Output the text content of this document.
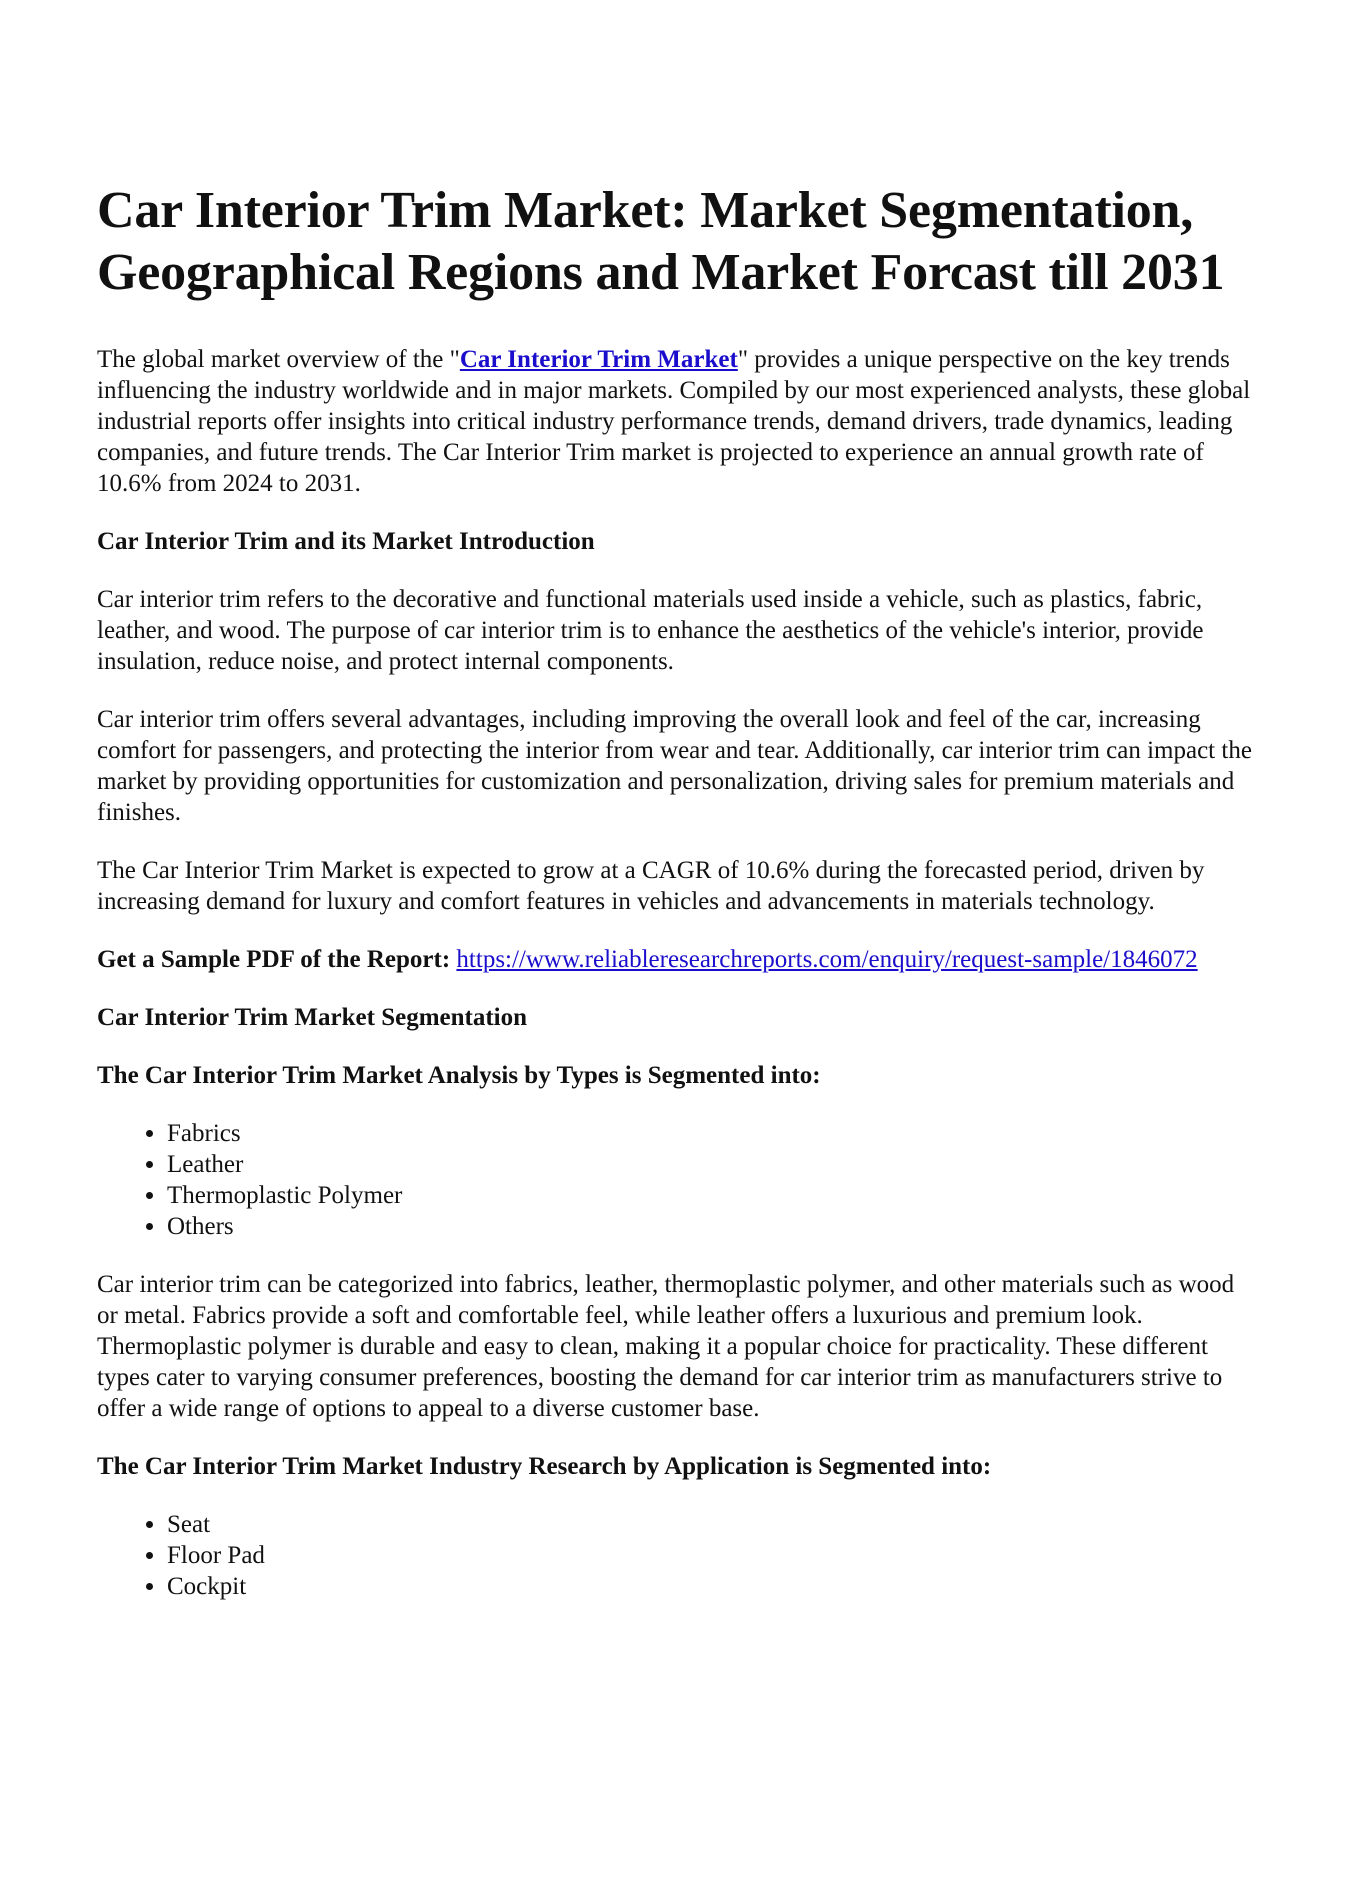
Car Interior Trim Market: Market Segmentation, Geographical Regions and Market Forcast till 2031

The global market overview of the "Car Interior Trim Market" provides a unique perspective on the key trends influencing the industry worldwide and in major markets. Compiled by our most experienced analysts, these global industrial reports offer insights into critical industry performance trends, demand drivers, trade dynamics, leading companies, and future trends. The Car Interior Trim market is projected to experience an annual growth rate of 10.6% from 2024 to 2031.

Car Interior Trim and its Market Introduction

Car interior trim refers to the decorative and functional materials used inside a vehicle, such as plastics, fabric, leather, and wood. The purpose of car interior trim is to enhance the aesthetics of the vehicle's interior, provide insulation, reduce noise, and protect internal components.

Car interior trim offers several advantages, including improving the overall look and feel of the car, increasing comfort for passengers, and protecting the interior from wear and tear. Additionally, car interior trim can impact the market by providing opportunities for customization and personalization, driving sales for premium materials and finishes.

The Car Interior Trim Market is expected to grow at a CAGR of 10.6% during the forecasted period, driven by increasing demand for luxury and comfort features in vehicles and advancements in materials technology.

Get a Sample PDF of the Report: https://www.reliableresearchreports.com/enquiry/request-sample/1846072

Car Interior Trim Market Segmentation

The Car Interior Trim Market Analysis by Types is Segmented into:

• Fabrics
• Leather
• Thermoplastic Polymer
• Others

Car interior trim can be categorized into fabrics, leather, thermoplastic polymer, and other materials such as wood or metal. Fabrics provide a soft and comfortable feel, while leather offers a luxurious and premium look. Thermoplastic polymer is durable and easy to clean, making it a popular choice for practicality. These different types cater to varying consumer preferences, boosting the demand for car interior trim as manufacturers strive to offer a wide range of options to appeal to a diverse customer base.

The Car Interior Trim Market Industry Research by Application is Segmented into:

• Seat
• Floor Pad
• Cockpit
